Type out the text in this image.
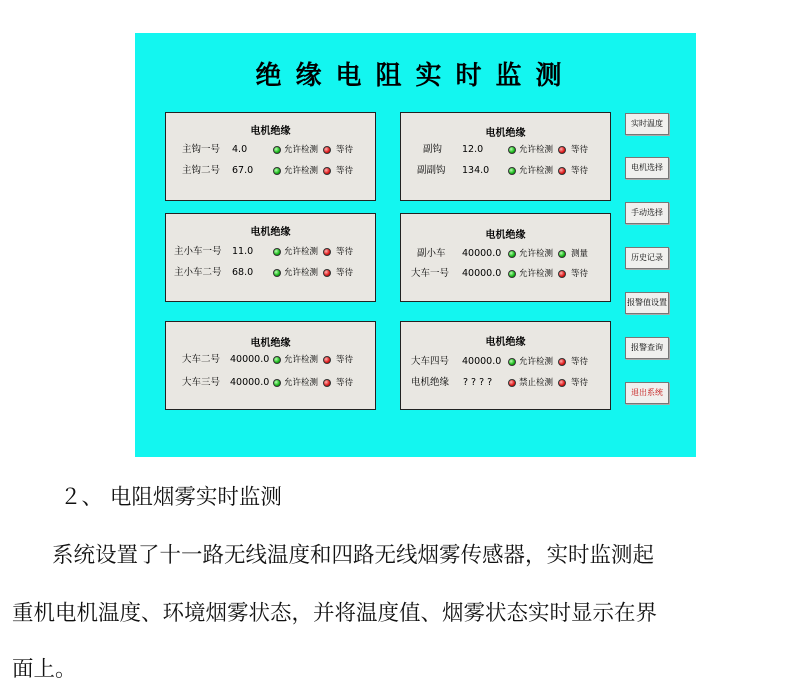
绝缘电阻实时监测
电机绝缘
主钩一号 4.0	允许检测 等待
主钩二号 67.0	允许检测 等待
电机绝缘
副钩 12.0	允许检测 等待
副副钩 134.0	允许检测 等待
电机绝缘
主小车一号 11.0	允许检测 等待
主小车二号 68.0	允许检测 等待
电机绝缘
副小车 40000.0 允许检测 测量
大车一号 40000.0 允许检测 等待
电机绝缘
大车二号 40000.0 允许检测 等待
大车三号 40000.0 允许检测 等待
电机绝缘
大车四号 40000.0 允许检测 等待
电机绝缘 ? ? ? ?	禁止检测 等待
实时温度
电机选择
手动选择
历史记录
报警值设置
报警查询
退出系统
２、 电阻烟雾实时监测
系统设置了十一路无线温度和四路无线烟雾传感器，实时监测起
重机电机温度、环境烟雾状态，并将温度值、烟雾状态实时显示在界
面上。
